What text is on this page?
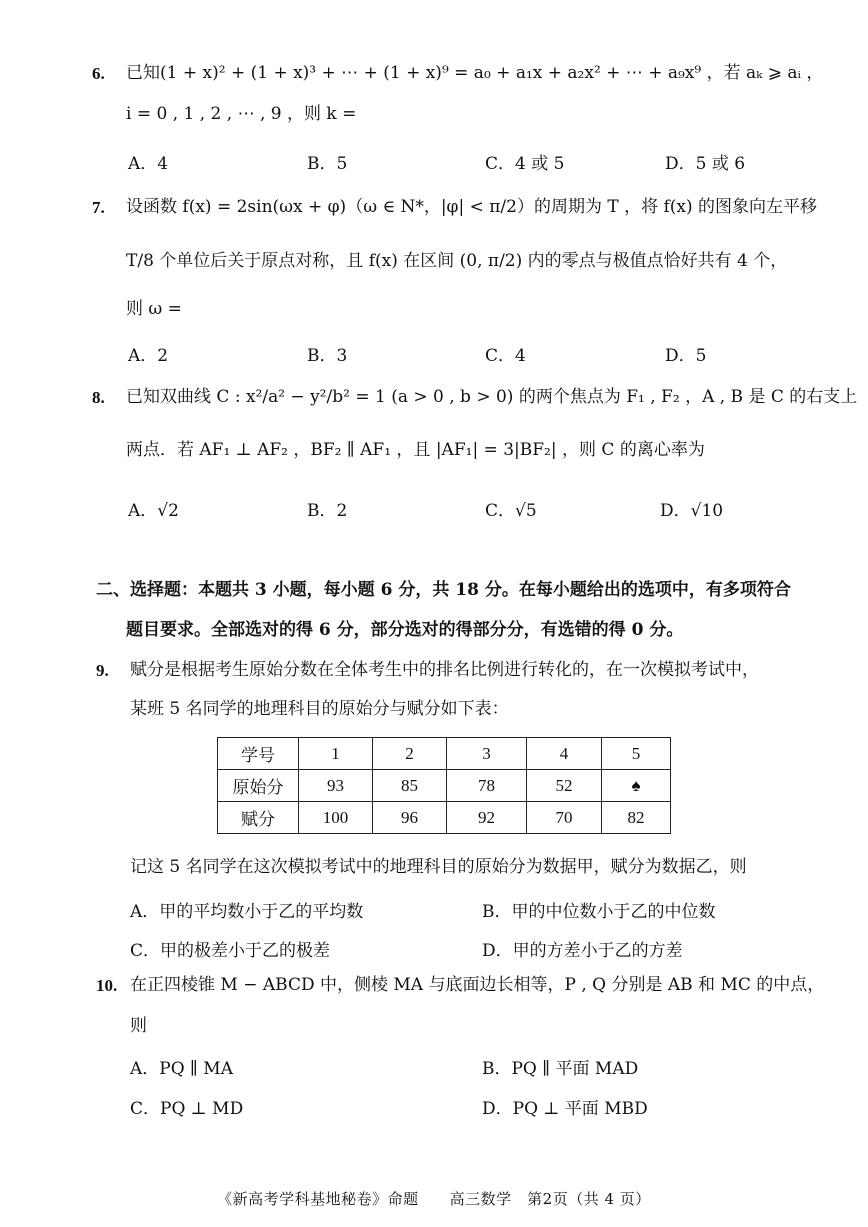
6. 已知(1 + x)² + (1 + x)³ + ⋯ + (1 + x)⁹ = a₀ + a₁x + a₂x² + ⋯ + a₉x⁹ ，若 aₖ ⩾ aᵢ ，
i = 0 , 1 , 2 , ⋯ , 9 ，则 k =
A．4	B．5	C．4 或 5	D．5 或 6
7. 设函数 f(x) = 2sin(ωx + φ)（ω ∈ N*，|φ| < π/2）的周期为 T ，将 f(x) 的图象向左平移
T/8 个单位后关于原点对称，且 f(x) 在区间 (0, π/2) 内的零点与极值点恰好共有 4 个，
则 ω =
A．2	B．3	C．4	D．5
8. 已知双曲线 C : x²/a² − y²/b² = 1 (a > 0 , b > 0) 的两个焦点为 F₁ , F₂ ，A , B 是 C 的右支上
两点．若 AF₁ ⊥ AF₂ ，BF₂ ∥ AF₁ ，且 |AF₁| = 3|BF₂| ，则 C 的离心率为
A．√2	B．2	C．√5	D．√10
二、选择题：本题共 3 小题，每小题 6 分，共 18 分。在每小题给出的选项中，有多项符合
题目要求。全部选对的得 6 分，部分选对的得部分分，有选错的得 0 分。
9. 赋分是根据考生原始分数在全体考生中的排名比例进行转化的，在一次模拟考试中，
某班 5 名同学的地理科目的原始分与赋分如下表：
学号	1	2	3	4	5
原始分	93	85	78	52	♠
赋分	100	96	92	70	82
记这 5 名同学在这次模拟考试中的地理科目的原始分为数据甲，赋分为数据乙，则
A．甲的平均数小于乙的平均数	B．甲的中位数小于乙的中位数
C．甲的极差小于乙的极差	D．甲的方差小于乙的方差
10. 在正四棱锥 M − ABCD 中，侧棱 MA 与底面边长相等，P , Q 分别是 AB 和 MC 的中点，
则
A．PQ ∥ MA	B．PQ ∥ 平面 MAD
C．PQ ⊥ MD	D．PQ ⊥ 平面 MBD
《新高考学科基地秘卷》命题　　高三数学　第2页（共 4 页）
